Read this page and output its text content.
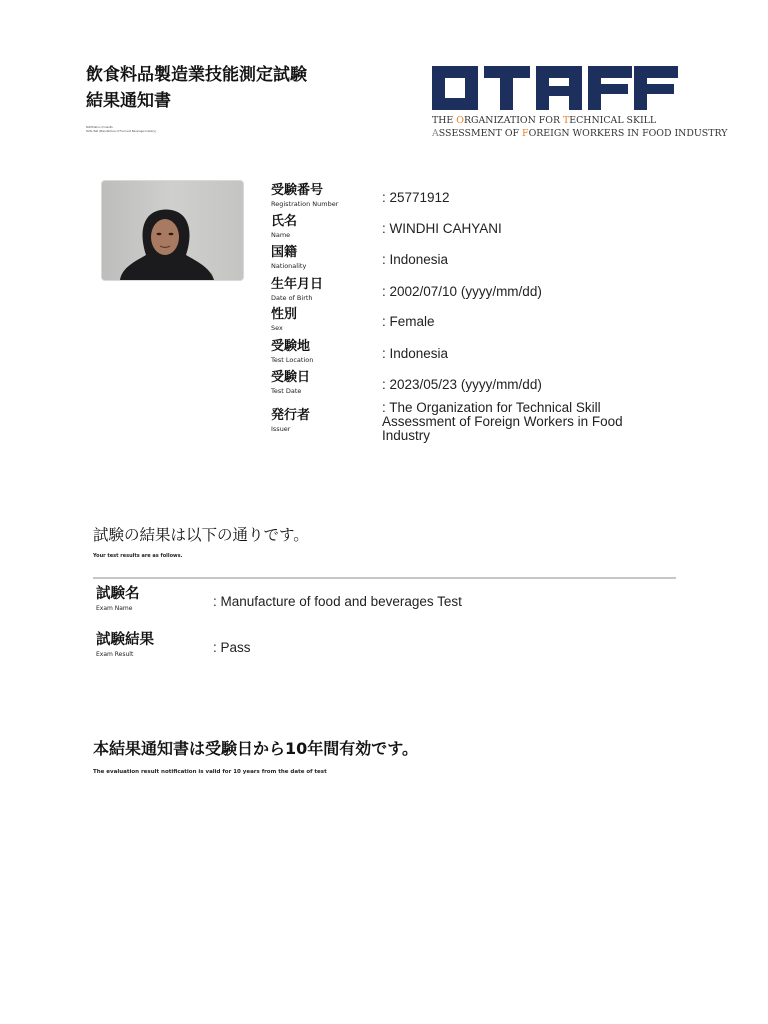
飲食料品製造業技能測定試験
結果通知書
Notification of results
Skills Test (Manufacture of Food and Beverage Industry)
THE ORGANIZATION FOR TECHNICAL SKILL
ASSESSMENT OF FOREIGN WORKERS IN FOOD INDUSTRY
受験番号
Registration Number	: 25771912
氏名
Name	: WINDHI CAHYANI
国籍
Nationality	: Indonesia
生年月日
Date of Birth	: 2002/07/10 (yyyy/mm/dd)
性別
Sex	: Female
受験地
Test Location	: Indonesia
受験日
Test Date	: 2023/05/23 (yyyy/mm/dd)
発行者
Issuer
: The Organization for Technical Skill Assessment of Foreign Workers in Food Industry
試験の結果は以下の通りです。
Your test results are as follows.
試験名
Exam Name	: Manufacture of food and beverages Test
試験結果
Exam Result	: Pass
本結果通知書は受験日から10年間有効です。
The evaluation result notification is valid for 10 years from the date of test
